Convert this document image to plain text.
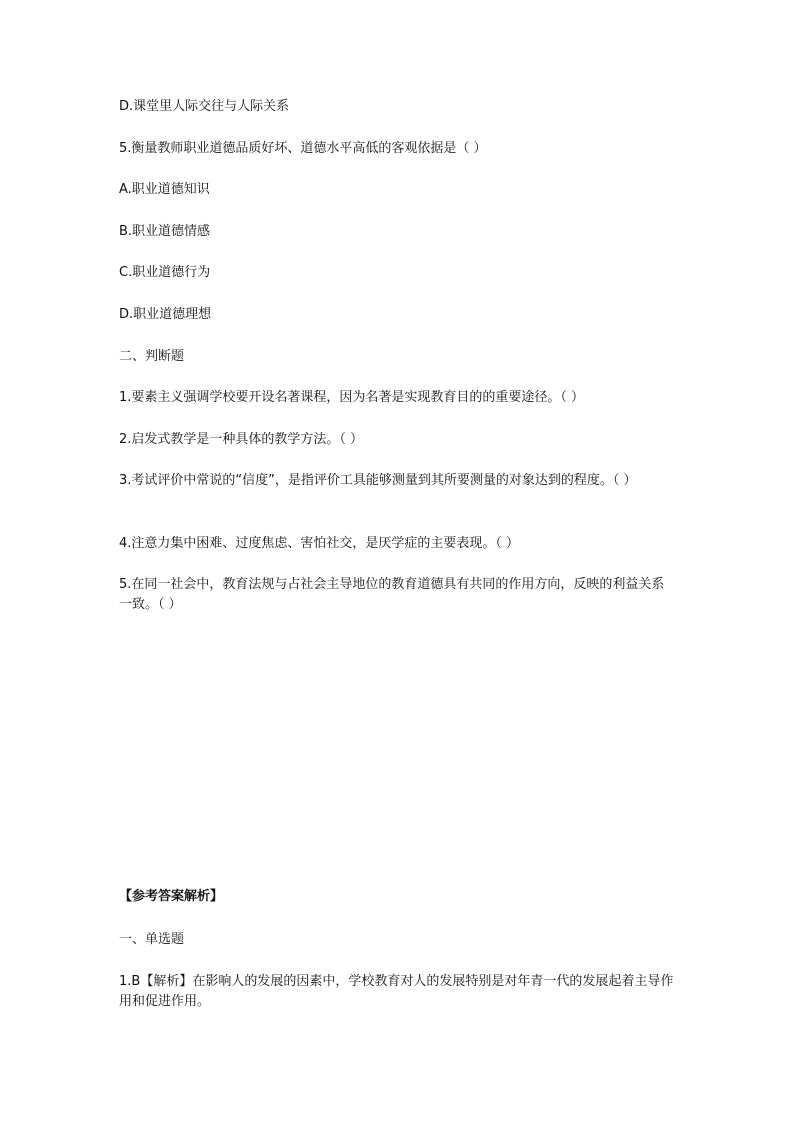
D.课堂里人际交往与人际关系
5.衡量教师职业道德品质好坏、道德水平高低的客观依据是（ ）
A.职业道德知识
B.职业道德情感
C.职业道德行为
D.职业道德理想
二、判断题
1.要素主义强调学校要开设名著课程，因为名著是实现教育目的的重要途径。（ ）
2.启发式教学是一种具体的教学方法。（ ）
3.考试评价中常说的“信度”，是指评价工具能够测量到其所要测量的对象达到的程度。（ ）
4.注意力集中困难、过度焦虑、害怕社交，是厌学症的主要表现。（ ）
5.在同一社会中，教育法规与占社会主导地位的教育道德具有共同的作用方向，反映的利益关系一致。（ ）
【参考答案解析】
一、单选题
1.B【解析】在影响人的发展的因素中，学校教育对人的发展特别是对年青一代的发展起着主导作用和促进作用。
